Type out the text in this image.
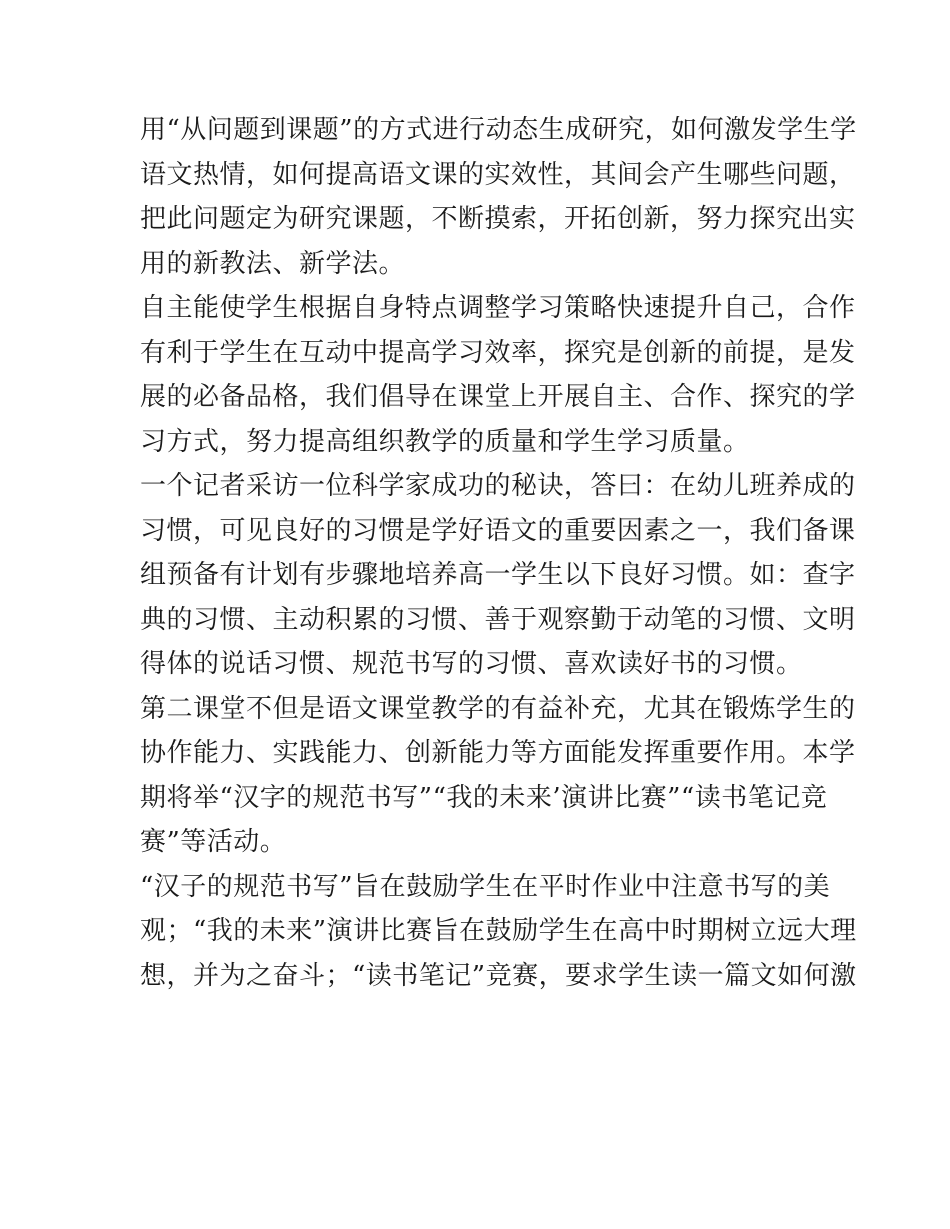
用“从问题到课题”的方式进行动态生成研究，如何激发学生学
语文热情，如何提高语文课的实效性，其间会产生哪些问题，
把此问题定为研究课题，不断摸索，开拓创新，努力探究出实
用的新教法、新学法。
自主能使学生根据自身特点调整学习策略快速提升自己，合作
有利于学生在互动中提高学习效率，探究是创新的前提，是发
展的必备品格，我们倡导在课堂上开展自主、合作、探究的学
习方式，努力提高组织教学的质量和学生学习质量。
一个记者采访一位科学家成功的秘诀，答曰：在幼儿班养成的
习惯，可见良好的习惯是学好语文的重要因素之一，我们备课
组预备有计划有步骤地培养高一学生以下良好习惯。如：查字
典的习惯、主动积累的习惯、善于观察勤于动笔的习惯、文明
得体的说话习惯、规范书写的习惯、喜欢读好书的习惯。
第二课堂不但是语文课堂教学的有益补充，尤其在锻炼学生的
协作能力、实践能力、创新能力等方面能发挥重要作用。本学
期将举“汉字的规范书写”“我的未来’演讲比赛”“读书笔记竞
赛”等活动。
“汉子的规范书写”旨在鼓励学生在平时作业中注意书写的美
观；“我的未来”演讲比赛旨在鼓励学生在高中时期树立远大理
想，并为之奋斗；“读书笔记”竞赛，要求学生读一篇文如何激
